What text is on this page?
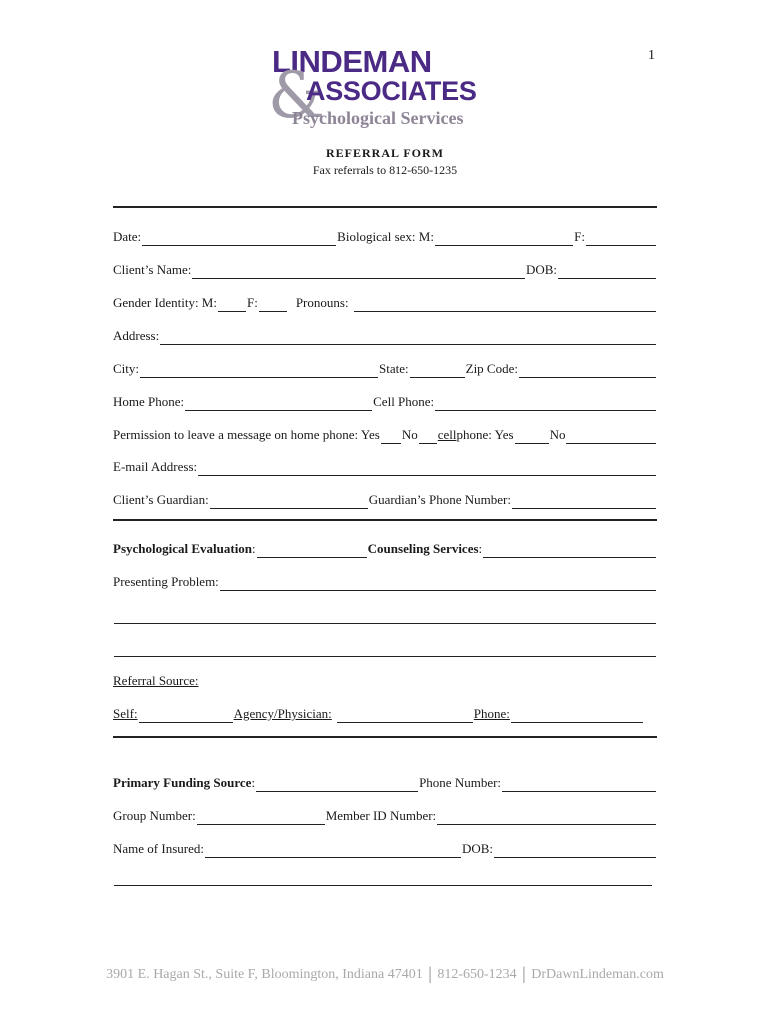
1
LINDEMAN
&
ASSOCIATES
Psychological Services
REFERRAL FORM
Fax referrals to 812-650-1235
Date:	Biological sex: M:	F:
Client’s Name:	DOB:
Gender Identity: M: F:	Pronouns:
Address:
City:	State:	Zip Code:
Home Phone:	Cell Phone:
Permission to leave a message on home phone: Yes No cell phone: Yes	No
E-mail Address:
Client’s Guardian:	Guardian’s Phone Number:
Psychological Evaluation :	Counseling Services :
Presenting Problem:
Referral Source:
Self:	Agency/Physician:	Phone:
Primary Funding Source :	Phone Number:
Group Number:	Member ID Number:
Name of Insured:	DOB:
3901 E. Hagan St., Suite F, Bloomington, Indiana 47401 | 812-650-1234 | DrDawnLindeman.com
